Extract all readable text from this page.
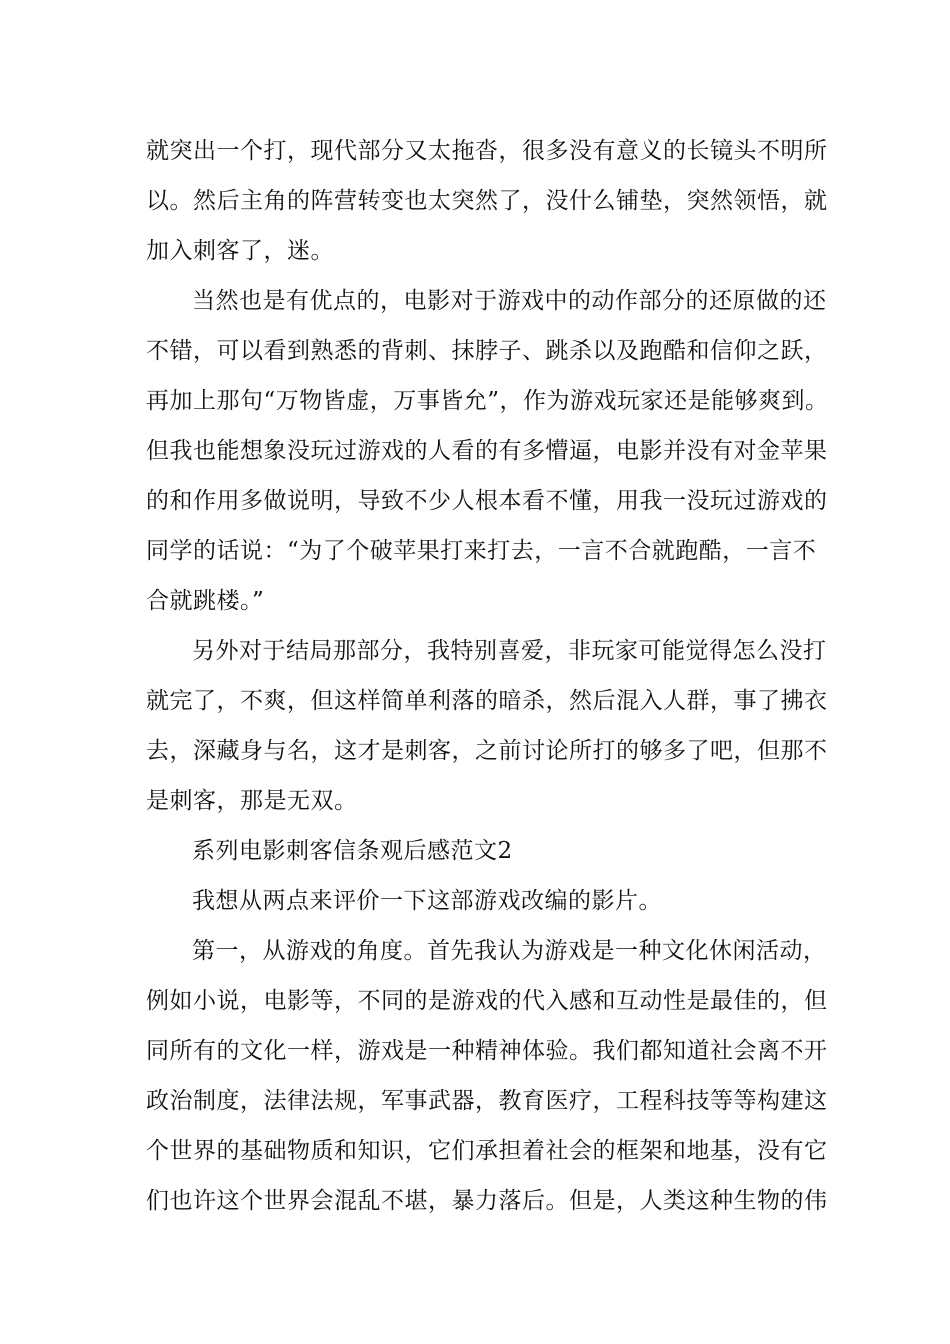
就突出一个打，现代部分又太拖沓，很多没有意义的长镜头不明所
以。然后主角的阵营转变也太突然了，没什么铺垫，突然领悟，就
加入刺客了，迷。
当然也是有优点的，电影对于游戏中的动作部分的还原做的还
不错，可以看到熟悉的背刺、抹脖子、跳杀以及跑酷和信仰之跃，
再加上那句“万物皆虚，万事皆允”，作为游戏玩家还是能够爽到。
但我也能想象没玩过游戏的人看的有多懵逼，电影并没有对金苹果
的和作用多做说明，导致不少人根本看不懂，用我一没玩过游戏的
同学的话说：“为了个破苹果打来打去，一言不合就跑酷，一言不
合就跳楼。”
另外对于结局那部分，我特别喜爱，非玩家可能觉得怎么没打
就完了，不爽，但这样简单利落的暗杀，然后混入人群，事了拂衣
去，深藏身与名，这才是刺客，之前讨论所打的够多了吧，但那不
是刺客，那是无双。
系列电影刺客信条观后感范文2
我想从两点来评价一下这部游戏改编的影片。
第一，从游戏的角度。首先我认为游戏是一种文化休闲活动，
例如小说，电影等，不同的是游戏的代入感和互动性是最佳的，但
同所有的文化一样，游戏是一种精神体验。我们都知道社会离不开
政治制度，法律法规，军事武器，教育医疗，工程科技等等构建这
个世界的基础物质和知识，它们承担着社会的框架和地基，没有它
们也许这个世界会混乱不堪，暴力落后。但是，人类这种生物的伟
